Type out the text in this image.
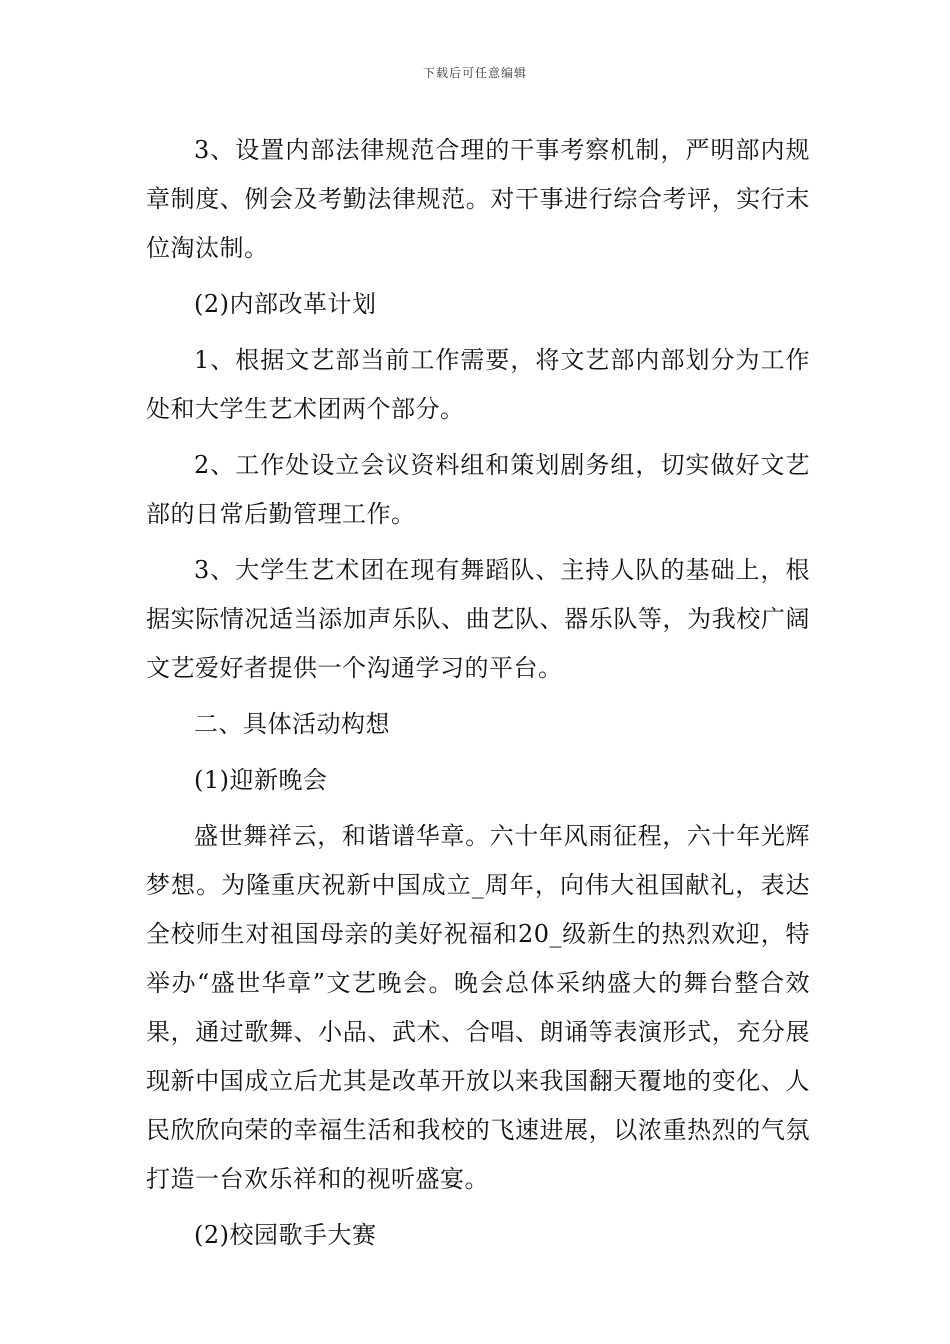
下载后可任意编辑

3、设置内部法律规范合理的干事考察机制，严明部内规章制度、例会及考勤法律规范。对干事进行综合考评，实行末位淘汰制。

(2)内部改革计划

1、根据文艺部当前工作需要，将文艺部内部划分为工作处和大学生艺术团两个部分。

2、工作处设立会议资料组和策划剧务组，切实做好文艺部的日常后勤管理工作。

3、大学生艺术团在现有舞蹈队、主持人队的基础上，根据实际情况适当添加声乐队、曲艺队、器乐队等，为我校广阔文艺爱好者提供一个沟通学习的平台。

二、具体活动构想

(1)迎新晚会

盛世舞祥云，和谐谱华章。六十年风雨征程，六十年光辉梦想。为隆重庆祝新中国成立_周年，向伟大祖国献礼，表达全校师生对祖国母亲的美好祝福和20_级新生的热烈欢迎，特举办“盛世华章”文艺晚会。晚会总体采纳盛大的舞台整合效果，通过歌舞、小品、武术、合唱、朗诵等表演形式，充分展现新中国成立后尤其是改革开放以来我国翻天覆地的变化、人民欣欣向荣的幸福生活和我校的飞速进展，以浓重热烈的气氛打造一台欢乐祥和的视听盛宴。

(2)校园歌手大赛
